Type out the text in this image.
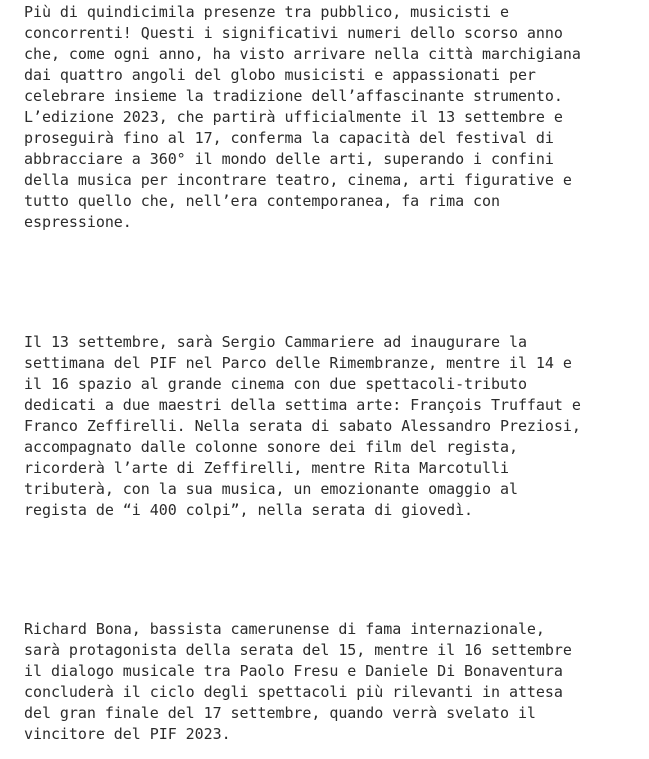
Più di quindicimila presenze tra pubblico, musicisti e
concorrenti! Questi i significativi numeri dello scorso anno
che, come ogni anno, ha visto arrivare nella città marchigiana
dai quattro angoli del globo musicisti e appassionati per
celebrare insieme la tradizione dell’affascinante strumento.
L’edizione 2023, che partirà ufficialmente il 13 settembre e
proseguirà fino al 17, conferma la capacità del festival di
abbracciare a 360° il mondo delle arti, superando i confini
della musica per incontrare teatro, cinema, arti figurative e
tutto quello che, nell’era contemporanea, fa rima con
espressione.

Il 13 settembre, sarà Sergio Cammariere ad inaugurare la
settimana del PIF nel Parco delle Rimembranze, mentre il 14 e
il 16 spazio al grande cinema con due spettacoli-tributo
dedicati a due maestri della settima arte: François Truffaut e
Franco Zeffirelli. Nella serata di sabato Alessandro Preziosi,
accompagnato dalle colonne sonore dei film del regista,
ricorderà l’arte di Zeffirelli, mentre Rita Marcotulli
tributerà, con la sua musica, un emozionante omaggio al
regista de “i 400 colpi”, nella serata di giovedì.

Richard Bona, bassista camerunense di fama internazionale,
sarà protagonista della serata del 15, mentre il 16 settembre
il dialogo musicale tra Paolo Fresu e Daniele Di Bonaventura
concluderà il ciclo degli spettacoli più rilevanti in attesa
del gran finale del 17 settembre, quando verrà svelato il
vincitore del PIF 2023.
